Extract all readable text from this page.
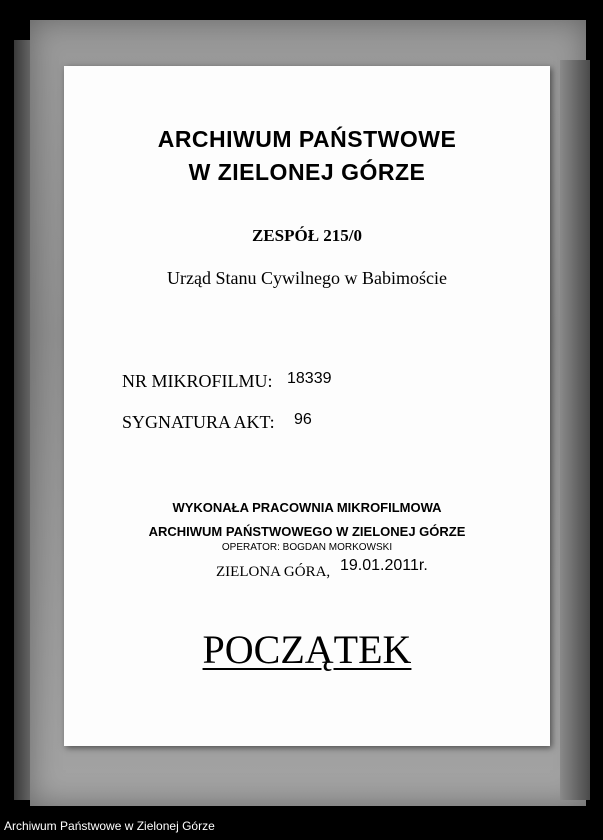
ARCHIWUM PAŃSTWOWE
W ZIELONEJ GÓRZE
ZESPÓŁ 215/0
Urząd Stanu Cywilnego w Babimoście
NR MIKROFILMU: 18339
SYGNATURA AKT: 96
WYKONAŁA PRACOWNIA MIKROFILMOWA
ARCHIWUM PAŃSTWOWEGO W ZIELONEJ GÓRZE
OPERATOR: BOGDAN MORKOWSKI
ZIELONA GÓRA, 19.01.2011r.
POCZĄTEK
Archiwum Państwowe w Zielonej Górze
